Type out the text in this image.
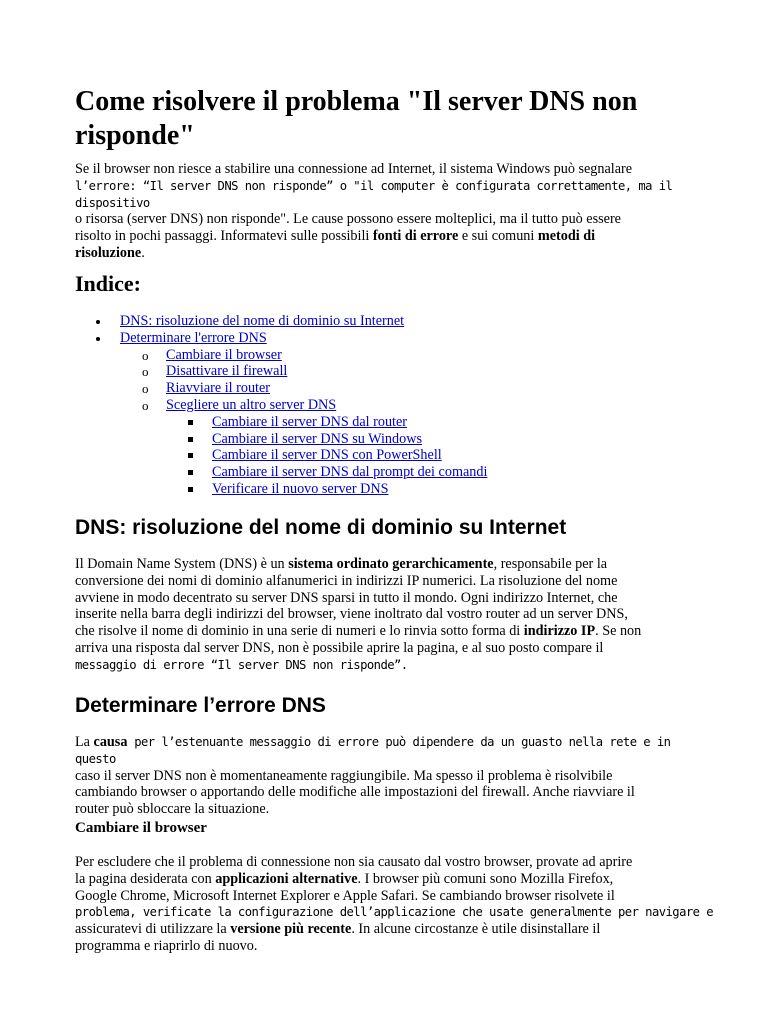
Come risolvere il problema "Il server DNS non risponde"

Se il browser non riesce a stabilire una connessione ad Internet, il sistema Windows può segnalare
l’errore: “Il server DNS non risponde” o "il computer è configurata correttamente, ma il dispositivo
o risorsa (server DNS) non risponde". Le cause possono essere molteplici, ma il tutto può essere
risolto in pochi passaggi. Informatevi sulle possibili fonti di errore e sui comuni metodi di
risoluzione.

Indice:
DNS: risoluzione del nome di dominio su Internet
Determinare l'errore DNS
o Cambiare il browser
o Disattivare il firewall
o Riavviare il router
o Scegliere un altro server DNS
Cambiare il server DNS dal router
Cambiare il server DNS su Windows
Cambiare il server DNS con PowerShell
Cambiare il server DNS dal prompt dei comandi
Verificare il nuovo server DNS
DNS: risoluzione del nome di dominio su Internet

Il Domain Name System (DNS) è un sistema ordinato gerarchicamente, responsabile per la
conversione dei nomi di dominio alfanumerici in indirizzi IP numerici. La risoluzione del nome
avviene in modo decentrato su server DNS sparsi in tutto il mondo. Ogni indirizzo Internet, che
inserite nella barra degli indirizzi del browser, viene inoltrato dal vostro router ad un server DNS,
che risolve il nome di dominio in una serie di numeri e lo rinvia sotto forma di indirizzo IP. Se non
arriva una risposta dal server DNS, non è possibile aprire la pagina, e al suo posto compare il
messaggio di errore “Il server DNS non risponde”.

Determinare l’errore DNS

La causa per l’estenuante messaggio di errore può dipendere da un guasto nella rete e in questo
caso il server DNS non è momentaneamente raggiungibile. Ma spesso il problema è risolvibile
cambiando browser o apportando delle modifiche alle impostazioni del firewall. Anche riavviare il
router può sbloccare la situazione.

Cambiare il browser

Per escludere che il problema di connessione non sia causato dal vostro browser, provate ad aprire
la pagina desiderata con applicazioni alternative. I browser più comuni sono Mozilla Firefox,
Google Chrome, Microsoft Internet Explorer e Apple Safari. Se cambiando browser risolvete il
problema, verificate la configurazione dell’applicazione che usate generalmente per navigare e
assicuratevi di utilizzare la versione più recente. In alcune circostanze è utile disinstallare il
programma e riaprirlo di nuovo.
